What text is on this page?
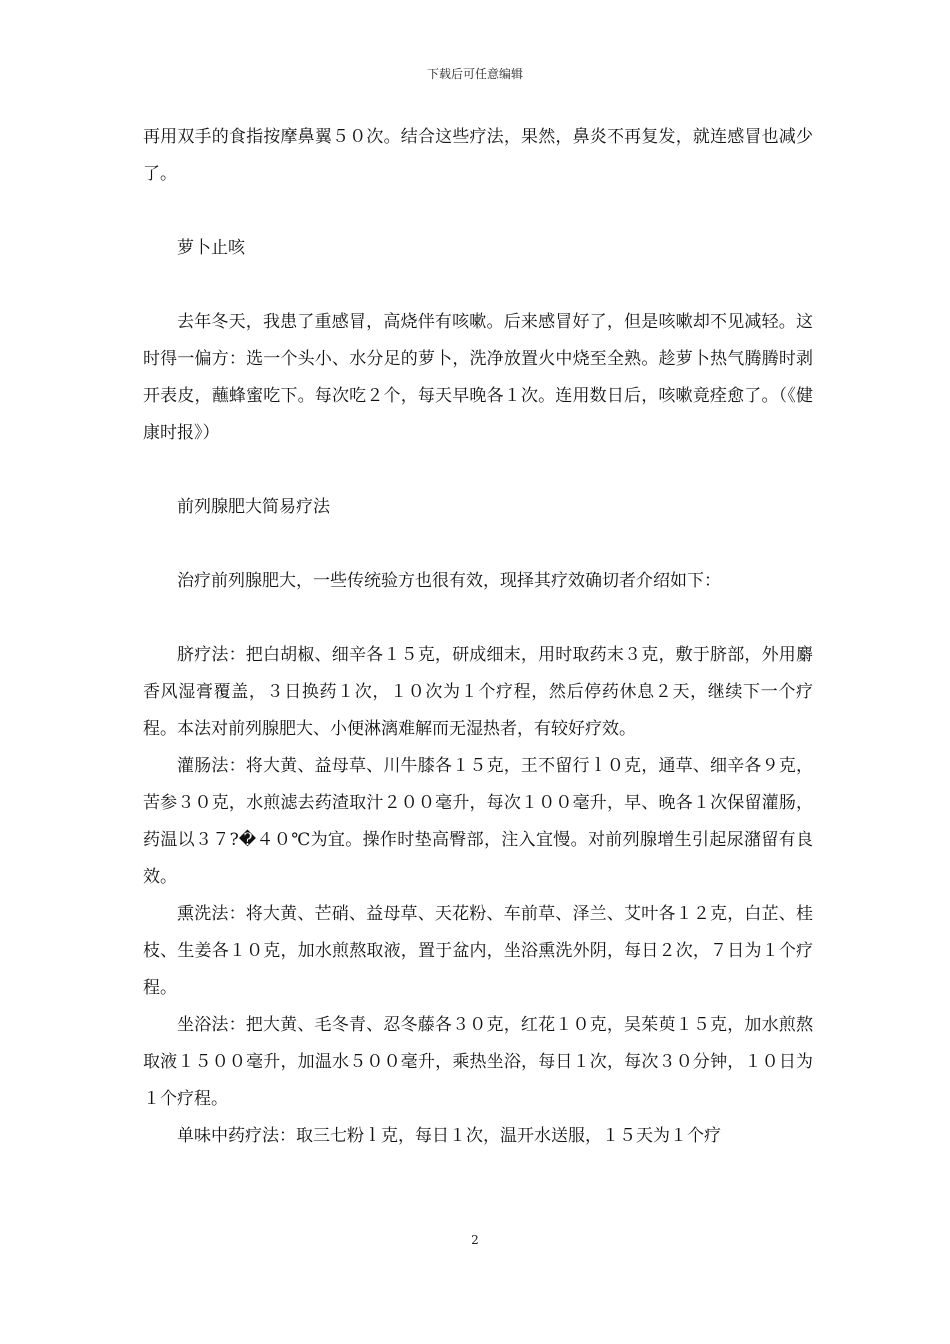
下载后可任意编辑

再用双手的食指按摩鼻翼５０次。结合这些疗法，果然，鼻炎不再复发，就连感冒也减少了。

萝卜止咳

去年冬天，我患了重感冒，高烧伴有咳嗽。后来感冒好了，但是咳嗽却不见减轻。这时得一偏方：选一个头小、水分足的萝卜，洗净放置火中烧至全熟。趁萝卜热气腾腾时剥开表皮，蘸蜂蜜吃下。每次吃２个，每天早晚各１次。连用数日后，咳嗽竟痊愈了。（《健康时报》）

前列腺肥大简易疗法

治疗前列腺肥大，一些传统验方也很有效，现择其疗效确切者介绍如下：

脐疗法：把白胡椒、细辛各１５克，研成细末，用时取药末３克，敷于脐部，外用麝香风湿膏覆盖，３日换药１次，１０次为１个疗程，然后停药休息２天，继续下一个疗程。本法对前列腺肥大、小便淋漓难解而无湿热者，有较好疗效。

灌肠法：将大黄、益母草、川牛膝各１５克，王不留行ｌ０克，通草、细辛各９克，苦参３０克，水煎滤去药渣取汁２００毫升，每次１００毫升，早、晚各１次保留灌肠，药温以３７?�４０℃为宜。操作时垫高臀部，注入宜慢。对前列腺增生引起尿潴留有良效。

熏洗法：将大黄、芒硝、益母草、天花粉、车前草、泽兰、艾叶各１２克，白芷、桂枝、生姜各１０克，加水煎熬取液，置于盆内，坐浴熏洗外阴，每日２次，７日为１个疗程。

坐浴法：把大黄、毛冬青、忍冬藤各３０克，红花１０克，吴茱萸１５克，加水煎熬取液１５００毫升，加温水５００毫升，乘热坐浴，每日１次，每次３０分钟，１０日为１个疗程。

单味中药疗法：取三七粉ｌ克，每日１次，温开水送服，１５天为１个疗

2
